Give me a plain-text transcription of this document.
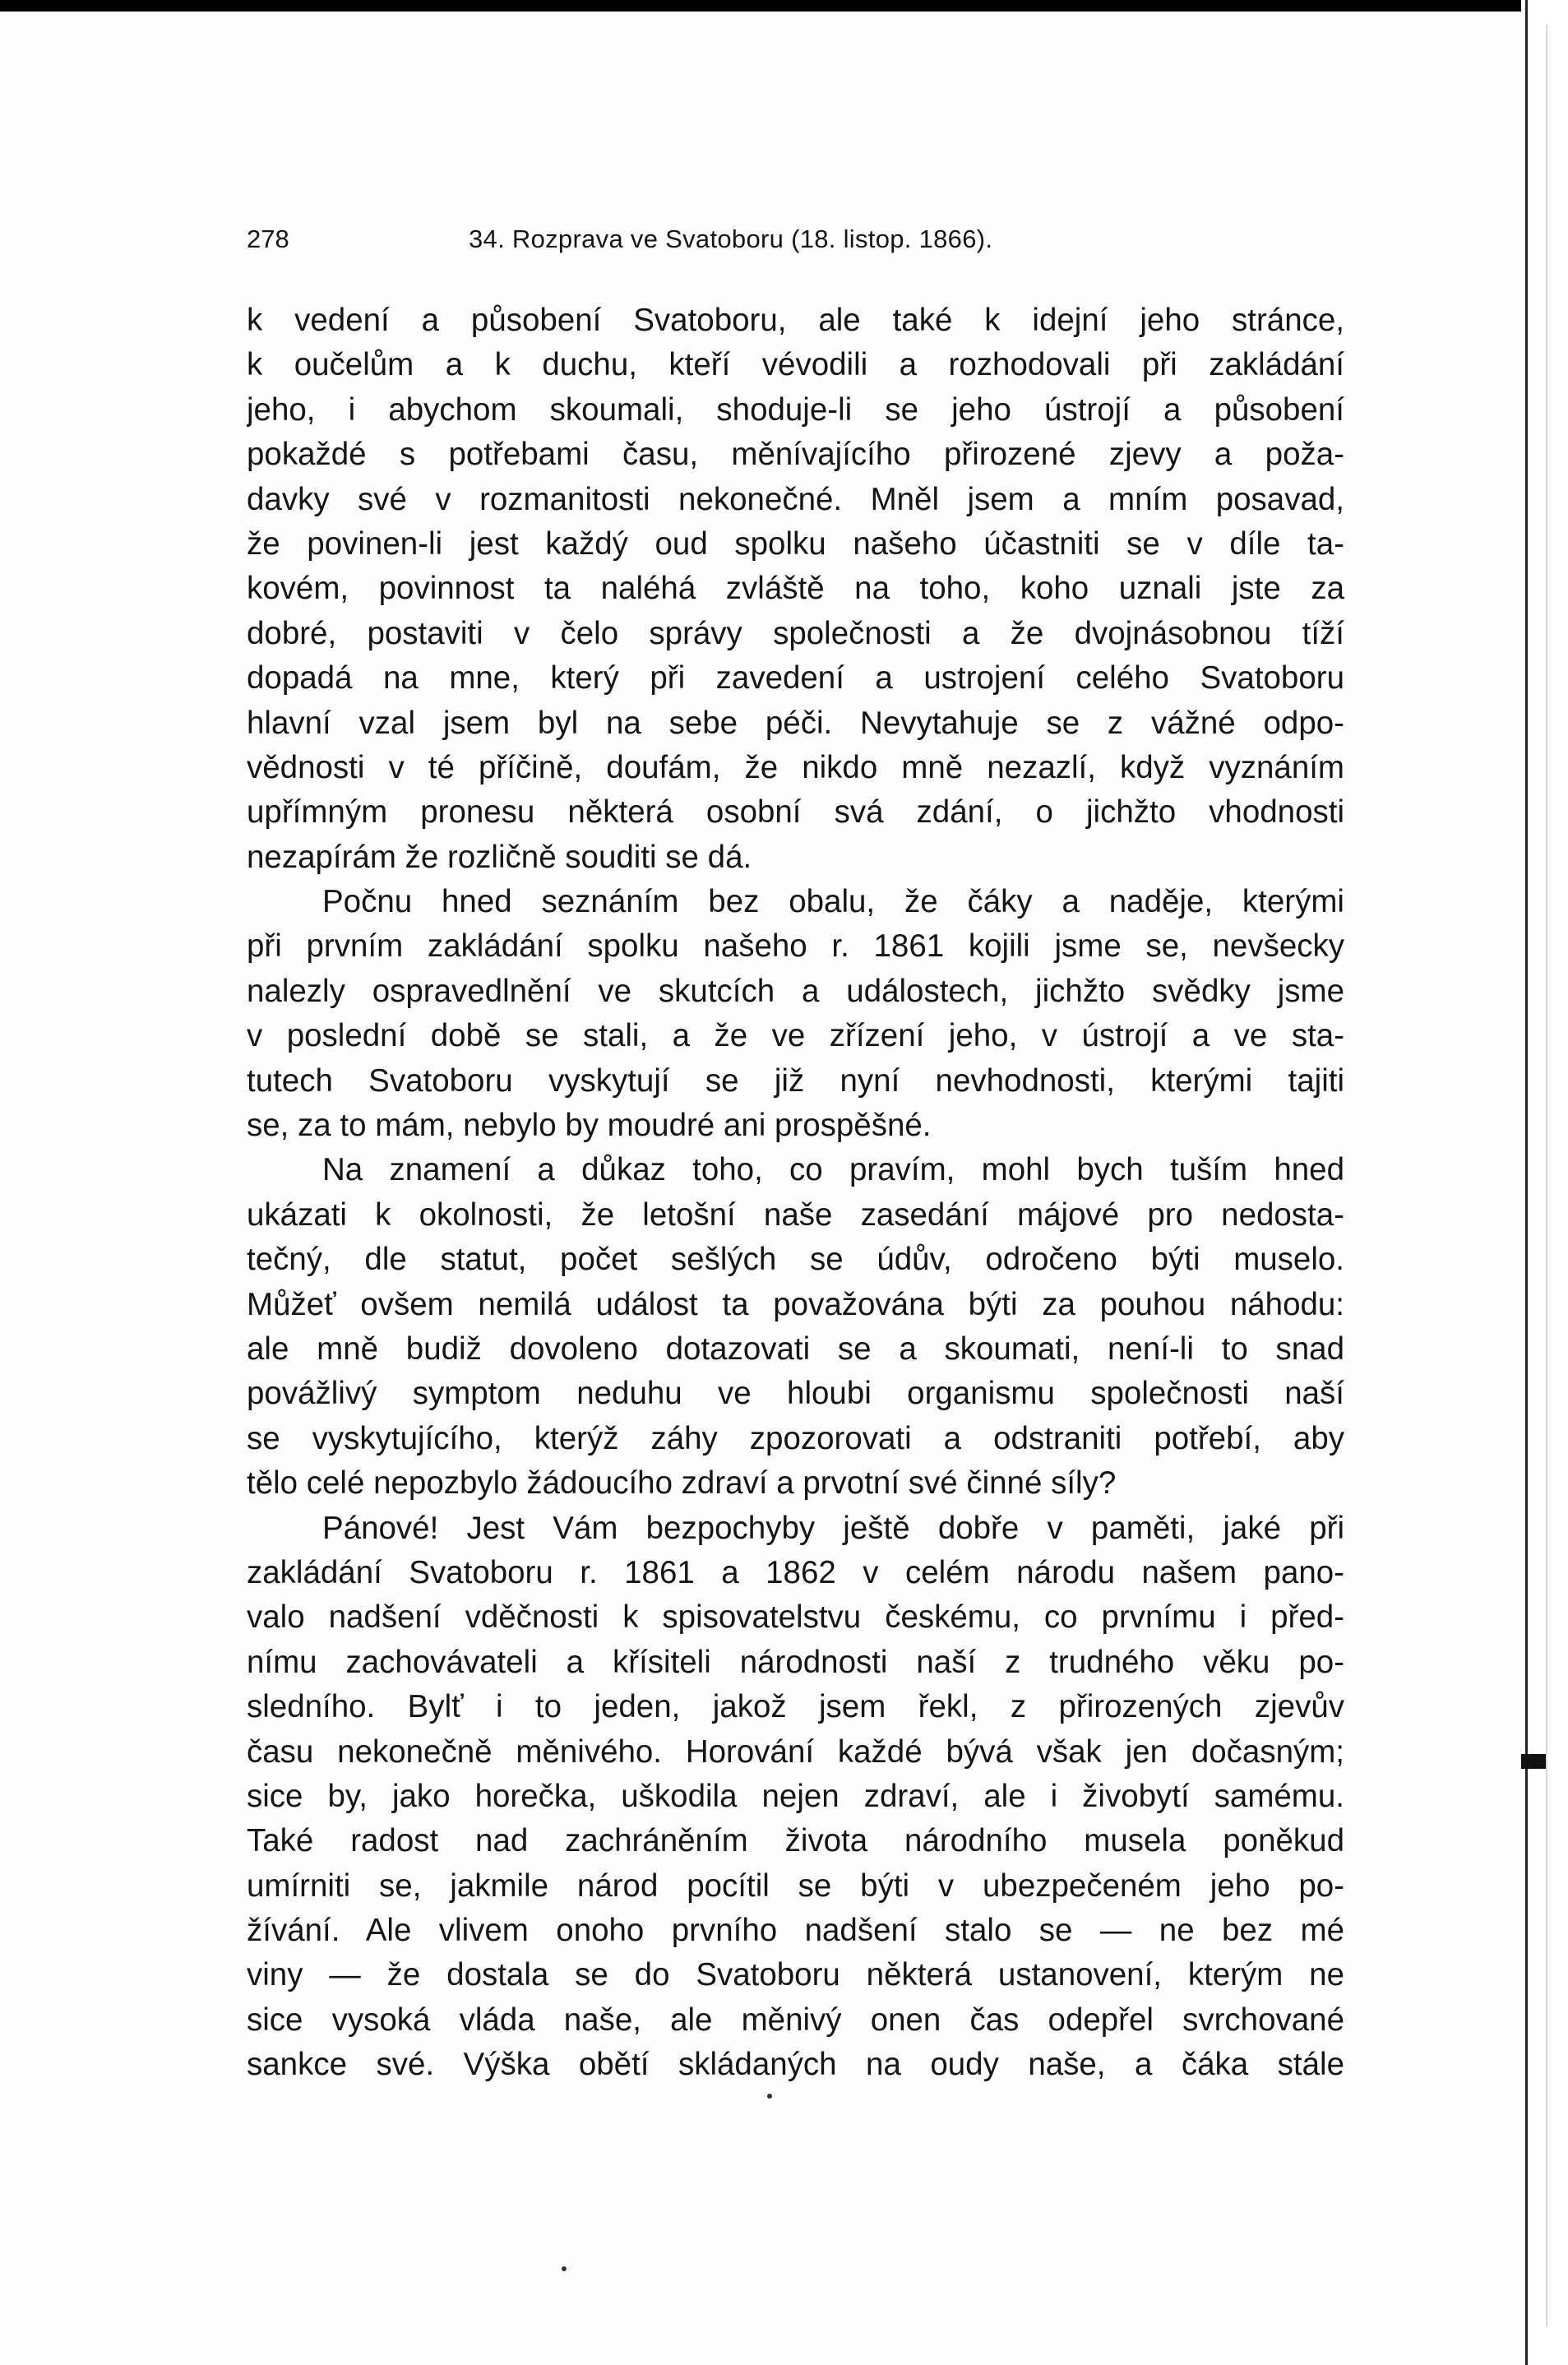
278	34. Rozprava ve Svatoboru (18. listop. 1866).
k vedení a působení Svatoboru, ale také k idejní jeho stránce,
k oučelům a k duchu, kteří vévodili a rozhodovali při zakládání
jeho, i abychom skoumali, shoduje-li se jeho ústrojí a působení
pokaždé s potřebami času, měnívajícího přirozené zjevy a poža-
davky své v rozmanitosti nekonečné. Mněl jsem a mním posavad,
že povinen-li jest každý oud spolku našeho účastniti se v díle ta-
kovém, povinnost ta naléhá zvláště na toho, koho uznali jste za
dobré, postaviti v čelo správy společnosti a že dvojnásobnou tíží
dopadá na mne, který při zavedení a ustrojení celého Svatoboru
hlavní vzal jsem byl na sebe péči. Nevytahuje se z vážné odpo-
vědnosti v té příčině, doufám, že nikdo mně nezazlí, když vyznáním
upřímným pronesu některá osobní svá zdání, o jichžto vhodnosti
nezapírám že rozličně souditi se dá.
Počnu hned seznáním bez obalu, že čáky a naděje, kterými
při prvním zakládání spolku našeho r. 1861 kojili jsme se, nevšecky
nalezly ospravedlnění ve skutcích a událostech, jichžto svědky jsme
v poslední době se stali, a že ve zřízení jeho, v ústrojí a ve sta-
tutech Svatoboru vyskytují se již nyní nevhodnosti, kterými tajiti
se, za to mám, nebylo by moudré ani prospěšné.
Na znamení a důkaz toho, co pravím, mohl bych tuším hned
ukázati k okolnosti, že letošní naše zasedání májové pro nedosta-
tečný, dle statut, počet sešlých se údův, odročeno býti muselo.
Můžeť ovšem nemilá událost ta považována býti za pouhou náhodu:
ale mně budiž dovoleno dotazovati se a skoumati, není-li to snad
povážlivý symptom neduhu ve hloubi organismu společnosti naší
se vyskytujícího, kterýž záhy zpozorovati a odstraniti potřebí, aby
tělo celé nepozbylo žádoucího zdraví a prvotní své činné síly?
Pánové! Jest Vám bezpochyby ještě dobře v paměti, jaké při
zakládání Svatoboru r. 1861 a 1862 v celém národu našem pano-
valo nadšení vděčnosti k spisovatelstvu českému, co prvnímu i před-
nímu zachovávateli a křísiteli národnosti naší z trudného věku po-
sledního. Bylť i to jeden, jakož jsem řekl, z přirozených zjevův
času nekonečně měnivého. Horování každé bývá však jen dočasným;
sice by, jako horečka, uškodila nejen zdraví, ale i živobytí samému.
Také radost nad zachráněním života národního musela poněkud
umírniti se, jakmile národ pocítil se býti v ubezpečeném jeho po-
žívání. Ale vlivem onoho prvního nadšení stalo se — ne bez mé
viny — že dostala se do Svatoboru některá ustanovení, kterým ne
sice vysoká vláda naše, ale měnivý onen čas odepřel svrchované
sankce své. Výška obětí skládaných na oudy naše, a čáka stále
